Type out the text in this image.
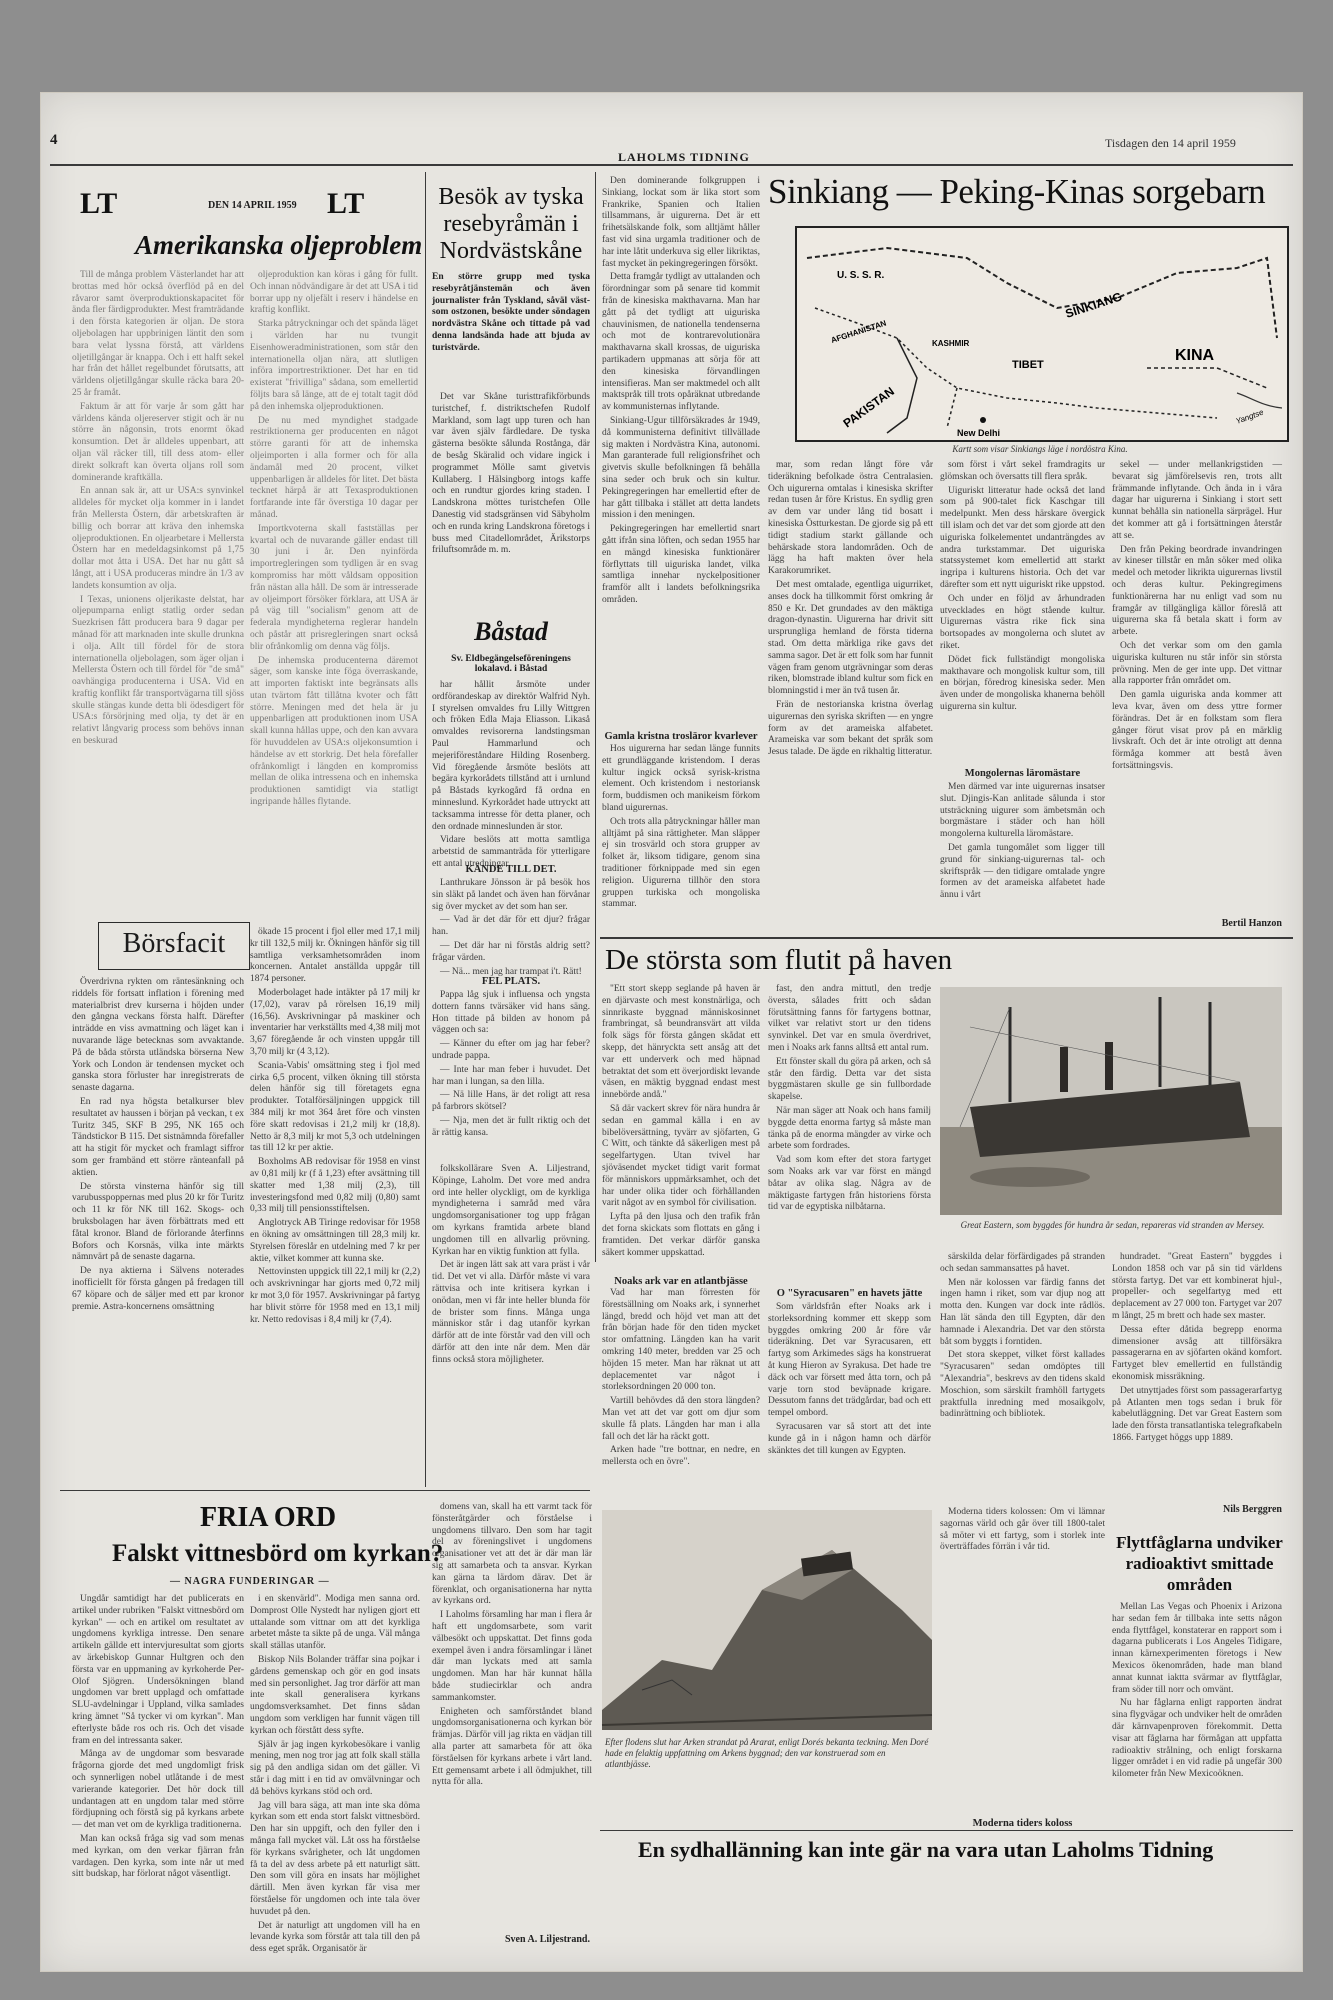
4
LAHOLMS TIDNING
Tisdagen den 14 april 1959
LT	DEN 14 APRIL 1959 LT
Amerikanska oljeproblem

Till de många problem Västerlandet har att brottas med hör också överflöd på en del råvaror samt överproduktionskapacitet för ända fler färdigprodukter. Mest framträdande i den första kategorien är oljan. De stora oljebolagen har uppbrinigen läntit den som bara velat lyssna förstå, att världens oljetillgångar är knappa. Och i ett halft sekel har från det hållet regelbundet förutsatts, att världens oljetillgångar skulle räcka bara 20-25 år framåt.

Faktum är att för varje år som gått har världens kända oljereserver stigit och är nu större än någonsin, trots enormt ökad konsumtion. Det är alldeles uppenbart, att oljan väl räcker till, till dess atom- eller direkt solkraft kan överta oljans roll som dominerande kraftkälla.

En annan sak är, att ur USA:s synvinkel alldeles för mycket olja kommer in i landet från Mellersta Östern, där arbetskraften är billig och borrar att kräva den inhemska oljeproduktionen. En oljearbetare i Mellersta Östern har en medeldagsinkomst på 1,75 dollar mot åtta i USA. Det har nu gått så långt, att i USA produceras mindre än 1/3 av landets konsumtion av olja.

I Texas, unionens oljerikaste delstat, har oljepumparna enligt statlig order sedan Suezkrisen fått producera bara 9 dagar per månad för att marknaden inte skulle drunkna i olja. Allt till fördel för de stora internationella oljebolagen, som äger oljan i Mellersta Östern och till fördel för "de små" oavhängiga producenterna i USA. Vid en kraftig konflikt får transportvägarna till sjöss skulle stängas kunde detta bli ödesdigert för USA:s försörjning med olja, ty det är en relativt långvarig process som behövs innan en beskurad

oljeproduktion kan köras i gång för fullt. Och innan nödvändigare är det att USA i tid borrar upp ny oljefält i reserv i händelse en kraftig konflikt.

Starka påtryckningar och det spända läget i världen har nu tvungit Eisenhoweradministrationen, som står den internationella oljan nära, att slutligen införa importrestriktioner. Det har en tid existerat "frivilliga" sådana, som emellertid följts bara så länge, att de ej totalt tagit död på den inhemska oljeproduktionen.

De nu med myndighet stadgade restriktionerna ger producenten en något större garanti för att de inhemska oljeimporten i alla former och för alla ändamål med 20 procent, vilket uppenbarligen är alldeles för litet. Det bästa tecknet härpå är att Texasproduktionen fortfarande inte får överstiga 10 dagar per månad.

Importkvoterna skall fastställas per kvartal och de nuvarande gäller endast till 30 juni i år. Den nyinförda importregleringen som tydligen är en svag kompromiss har mött våldsam opposition från nästan alla håll. De som är intresserade av oljeimport försöker förklara, att USA är på väg till "socialism" genom att de federala myndigheterna reglerar handeln och påstår att prisregleringen snart också blir ofrånkomlig om denna väg följs.

De inhemska producenterna däremot säger, som kanske inte föga överraskande, att importen faktiskt inte begränsats alls utan tvärtom fått tillåtna kvoter och fått större. Meningen med det hela är ju uppenbarligen att produktionen inom USA skall kunna hållas uppe, och den kan avvara för huvuddelen av USA:s oljekonsumtion i händelse av ett storkrig. Det hela förefaller ofrånkomligt i längden en kompromiss mellan de olika intressena och en inhemska produktionen samtidigt via statligt ingripande hålles flytande.

Börsfacit

Överdrivna rykten om räntesänkning och riddels för fortsatt inflation i förening med materialbrist drev kurserna i höjden under den gångna veckans första halft. Därefter inträdde en viss avmattning och läget kan i nuvarande läge betecknas som avvaktande. På de båda största utländska börserna New York och London är tendensen mycket och ganska stora förluster har inregistrerats de senaste dagarna.

En rad nya högsta betalkurser blev resultatet av haussen i början på veckan, t ex Turitz 345, SKF B 295, NK 165 och Tändstickor B 115. Det sistnämnda förefaller att ha stigit för mycket och framlagt siffror som ger frambänd ett större ränteanfall på aktien.

De största vinsterna hänför sig till varubusspoppernas med plus 20 kr för Turitz och 11 kr för NK till 162. Skogs- och bruksbolagen har även förbättrats med ett fåtal kronor. Bland de förlorande återfinns Bofors och Korsnäs, vilka inte märkts nämnvärt på de senaste dagarna.

De nya aktierna i Sälvens noterades inofficiellt för första gången på fredagen till 67 köpare och de säljer med ett par kronor premie. Astra-koncernens omsättning

ökade 15 procent i fjol eller med 17,1 milj kr till 132,5 milj kr. Ökningen hänför sig till samtliga verksamhetsområden inom koncernen. Antalet anställda uppgår till 1874 personer.

Moderbolaget hade intäkter på 17 milj kr (17,02), varav på rörelsen 16,19 milj (16,56). Avskrivningar på maskiner och inventarier har verkställts med 4,38 milj mot 3,67 föregående år och vinsten uppgår till 3,70 milj kr (4 3,12).

Scania-Vabis' omsättning steg i fjol med cirka 6,5 procent, vilken ökning till största delen hänför sig till företagets egna produkter. Totalförsäljningen uppgick till 384 milj kr mot 364 året före och vinsten före skatt redovisas i 21,2 milj kr (18,8). Netto är 8,3 milj kr mot 5,3 och utdelningen tas till 12 kr per aktie.

Boxholms AB redovisar för 1958 en vinst av 0,81 milj kr (f å 1,23) efter avsättning till skatter med 1,38 milj (2,3), till investeringsfond med 0,82 milj (0,80) samt 0,33 milj till pensionsstiftelsen.

Anglotryck AB Tiringe redovisar för 1958 en ökning av omsättningen till 28,3 milj kr. Styrelsen föreslår en utdelning med 7 kr per aktie, vilket kommer att kunna ske.

Nettovinsten uppgick till 22,1 milj kr (2,2) och avskrivningar har gjorts med 0,72 milj kr mot 3,0 för 1957. Avskrivningar på fartyg har blivit större för 1958 med en 13,1 milj kr. Netto redovisas i 8,4 milj kr (7,4).

FRIA ORD
Falskt vittnesbörd om kyrkan?
— NAGRA FUNDERINGAR —

Ungdår samtidigt har det publicerats en artikel under rubriken "Falskt vittnesbörd om kyrkan" — och en artikel om resultatet av ungdomens kyrkliga intresse. Den senare artikeln gällde ett intervjuresultat som gjorts av ärkebiskop Gunnar Hultgren och den första var en uppmaning av kyrkoherde Per-Olof Sjögren. Undersökningen bland ungdomen var brett upplagd och omfattade SLU-avdelningar i Uppland, vilka samlades kring ämnet "Så tycker vi om kyrkan". Man efterlyste både ros och ris. Och det visade fram en del intressanta saker.

Många av de ungdomar som besvarade frågorna gjorde det med ungdomligt frisk och synnerligen nobel utlåtande i de mest varierande kategorier. Det hör dock till undantagen att en ungdom talar med större fördjupning och förstå sig på kyrkans arbete — det man vet om de kyrkliga traditionerna.

Man kan också fråga sig vad som menas med kyrkan, om den verkar fjärran från vardagen. Den kyrka, som inte når ut med sitt budskap, har förlorat något väsentligt.

i en skenvärld". Modiga men sanna ord. Domprost Olle Nystedt har nyligen gjort ett uttalande som vittnar om att det kyrkliga arbetet måste ta sikte på de unga. Väl många skall ställas utanför.

Biskop Nils Bolander träffar sina pojkar i gårdens gemenskap och gör en god insats med sin personlighet. Jag tror därför att man inte skall generalisera kyrkans ungdomsverksamhet. Det finns sådan ungdom som verkligen har funnit vägen till kyrkan och förstått dess syfte.

Själv är jag ingen kyrkobesökare i vanlig mening, men nog tror jag att folk skall ställa sig på den andliga sidan om det gäller. Vi står i dag mitt i en tid av omvälvningar och då behövs kyrkans stöd och ord.

Jag vill bara säga, att man inte ska döma kyrkan som ett enda stort falskt vittnesbörd. Den har sin uppgift, och den fyller den i många fall mycket väl. Låt oss ha förståelse för kyrkans svårigheter, och låt ungdomen få ta del av dess arbete på ett naturligt sätt. Den som vill göra en insats har möjlighet därtill. Men även kyrkan får visa mer förståelse för ungdomen och inte tala över huvudet på den.

Det är naturligt att ungdomen vill ha en levande kyrka som förstår att tala till den på dess eget språk. Organisatör är

Besök av tyska
resebyråmän i
Nordvästskåne
En större grupp med tyska resebyråtjänstemän och även journalister från Tyskland, såväl väst- som ostzonen, besökte under söndagen nordvästra Skåne och tittade på vad denna landsända hade att bjuda av turistvärde.

Det var Skåne turisttrafikförbunds turistchef, f. distriktschefen Rudolf Markland, som lagt upp turen och han var även själv färdledare. De tyska gästerna besökte sålunda Rostånga, där de besåg Skäralid och vidare ingick i programmet Mölle samt givetvis Kullaberg. I Hälsingborg intogs kaffe och en rundtur gjordes kring staden. I Landskrona möttes turistchefen Olle Danestig vid stadsgränsen vid Säbyholm och en runda kring Landskrona företogs i buss med Citadellområdet, Ärikstorps friluftsområde m. m.

Båstad
Sv. Eldbegängelseföreningens lokalavd. i Båstad

har hållit årsmöte under ordförandeskap av direktör Walfrid Nyh. I styrelsen omvaldes fru Lilly Wittgren och fröken Edla Maja Eliasson. Likaså omvaldes revisorerna landstingsman Paul Hammarlund och mejeriföreståndare Hilding Rosenberg. Vid föregående årsmöte beslöts att begära kyrkorådets tillstånd att i urnlund på Båstads kyrkogård få ordna en minneslund. Kyrkorådet hade uttryckt att tacksamma intresse för detta planer, och den ordnade minneslunden är stor.

Vidare beslöts att motta samtliga arbetstid de sammanträda för ytterligare ett antal utredningar.

KÄNDE TILL DET.

Lanthrukare Jönsson är på besök hos sin släkt på landet och även han förvånar sig över mycket av det som han ser.

— Vad är det där för ett djur? frågar han.

— Det där har ni förstås aldrig sett? frågar värden.

— Nä... men jag har trampat i't. Rätt!

FEL PLATS.

Pappa låg sjuk i influensa och yngsta dottern fanns tvärsäker vid hans säng. Hon tittade på bilden av honom på väggen och sa:

— Känner du efter om jag har feber? undrade pappa.

— Inte har man feber i huvudet. Det har man i lungan, sa den lilla.

— Nä lille Hans, är det roligt att resa på farbrors skötsel?

— Nja, men det är fullt riktig och det är rättig kansa.

folkskollärare Sven A. Liljestrand, Köpinge, Laholm. Det vore med andra ord inte heller olyckligt, om de kyrkliga myndigheterna i samråd med våra ungdomsorganisationer tog upp frågan om kyrkans framtida arbete bland ungdomen till en allvarlig prövning. Kyrkan har en viktig funktion att fylla.

Det är ingen lätt sak att vara präst i vår tid. Det vet vi alla. Därför måste vi vara rättvisa och inte kritisera kyrkan i onödan, men vi får inte heller blunda för de brister som finns. Många unga människor står i dag utanför kyrkan därför att de inte förstår vad den vill och därför att den inte når dem. Men där finns också stora möjligheter.

domens van, skall ha ett varmt tack för fönsteråtgärder och förståelse i ungdomens tillvaro. Den som har tagit del av föreningslivet i ungdomens organisationer vet att det är där man lär sig att samarbeta och ta ansvar. Kyrkan kan gärna ta lärdom därav. Det är förenklat, och organisationerna har nytta av kyrkans ord.

I Laholms församling har man i flera år haft ett ungdomsarbete, som varit välbesökt och uppskattat. Det finns goda exempel även i andra församlingar i länet där man lyckats med att samla ungdomen. Man har här kunnat hålla både studiecirklar och andra sammankomster.

Enigheten och samförståndet bland ungdomsorganisationerna och kyrkan bör främjas. Därför vill jag rikta en vädjan till alla parter att samarbeta för att öka förståelsen för kyrkans arbete i vårt land. Ett gemensamt arbete i all ödmjukhet, till nytta för alla.

Sven A. Liljestrand.

Den dominerande folkgruppen i Sinkiang, lockat som är lika stort som Frankrike, Spanien och Italien tillsammans, är uigurerna. Det är ett frihetsälskande folk, som alltjämt håller fast vid sina urgamla traditioner och de har inte låtit underkuva sig eller likriktas, fast mycket än pekingregeringen försökt.

Detta framgår tydligt av uttalanden och förordningar som på senare tid kommit från de kinesiska makthavarna. Man har gått på det tydligt att uiguriska chauvinismen, de nationella tendenserna och mot de kontrarevolutionära makthavarna skall krossas, de uiguriska partikadern uppmanas att sörja för att den kinesiska förvandlingen intensifieras. Man ser maktmedel och allt maktspråk till trots opåräknat utbredande av kommunisternas inflytande.

Sinkiang-Ugur tillförsäkrades år 1949, då kommunisterna definitivt tillvällade sig makten i Nordvästra Kina, autonomi. Man garanterade full religionsfrihet och givetvis skulle befolkningen få behålla sina seder och bruk och sin kultur. Pekingregeringen har emellertid efter de har gått tillbaka i stället att detta landets mission i den meningen.

Pekingregeringen har emellertid snart gått ifrån sina löften, och sedan 1955 har en mängd kinesiska funktionärer förflyttats till uiguriska landet, vilka samtliga innehar nyckelpositioner framför allt i landets befolkningsrika områden.

Gamla kristna trosläror kvarlever

Hos uigurerna har sedan länge funnits ett grundläggande kristendom. I deras kultur ingick också syrisk-kristna element. Och kristendom i nestoriansk form, buddismen och manikeism förkom bland uigurernas.

Och trots alla påtryckningar håller man alltjämt på sina rättigheter. Man släpper ej sin trosvärld och stora grupper av folket är, liksom tidigare, genom sina traditioner förknippade med sin egen religion. Uigurerna tillhör den stora gruppen turkiska och mongoliska stammar.

Sinkiang — Peking-Kinas sorgebarn
U. S. S. R.
SINKIANG
AFGHANISTAN	KASHMIR
TIBET
KINA
PAKISTAN
New Delhi
Yangtse
Kartt som visar Sinkiangs läge i nordöstra Kina.

mar, som redan långt före vår tideräkning befolkade östra Centralasien. Och uigurerna omtalas i kinesiska skrifter redan tusen år före Kristus. En sydlig gren av dem var under lång tid bosatt i kinesiska Östturkestan. De gjorde sig på ett tidigt stadium starkt gällande och behärskade stora landområden. Och de lägg ha haft makten över hela Karakorumriket.

Det mest omtalade, egentliga uigurriket, anses dock ha tillkommit först omkring år 850 e Kr. Det grundades av den mäktiga dragon-dynastin. Uigurerna har drivit sitt ursprungliga hemland de första tiderna stad. Om detta märkliga rike gavs det samma sagor. Det är ett folk som har funnit vägen fram genom utgrävningar som deras riken, blomstrade ibland kultur som fick en blomningstid i mer än två tusen år.

Frän de nestorianska kristna överlag uigurernas den syriska skriften — en yngre form av det arameiska alfabetet. Arameiska var som bekant det språk som Jesus talade. De ägde en rikhaltig litteratur.

som först i vårt sekel framdragits ur glömskan och översatts till flera språk.

Uiguriskt litteratur hade också det land som på 900-talet fick Kaschgar till medelpunkt. Men dess härskare övergick till islam och det var det som gjorde att den uiguriska folkelementet undanträngdes av andra turkstammar. Det uiguriska statssystemet kom emellertid att starkt ingripa i kulturens historia. Och det var därefter som ett nytt uiguriskt rike uppstod.

Och under en följd av århundraden utvecklades en högt stående kultur. Uigurernas västra rike fick sina bortsopades av mongolerna och slutet av riket.

Dödet fick fullständigt mongoliska makthavare och mongolisk kultur som, till en början, föredrog kinesiska seder. Men även under de mongoliska khanerna behöll uigurerna sin kultur.

Mongolernas läromästare

Men därmed var inte uigurernas insatser slut. Djingis-Kan anlitade sålunda i stor utsträckning uigurer som ämbetsmän och borgmästare i städer och han höll mongolerna kulturella läromästare.

Det gamla tungomålet som ligger till grund för sinkiang-uigurernas tal- och skriftspråk — den tidigare omtalade yngre formen av det arameiska alfabetet hade ännu i vårt

sekel — under mellankrigstiden — bevarat sig jämförelsevis ren, trots allt främmande inflytande. Och ända in i våra dagar har uigurerna i Sinkiang i stort sett kunnat behålla sin nationella särprägel. Hur det kommer att gå i fortsättningen återstår att se.

Den från Peking beordrade invandringen av kineser tillstår en mån söker med olika medel och metoder likrikta uigurernas livstil och deras kultur. Pekingregimens funktionärerna har nu enligt vad som nu framgår av tillgängliga källor föreslå att uigurerna ska få betala skatt i form av arbete.

Och det verkar som om den gamla uiguriska kulturen nu står inför sin största prövning. Men de ger inte upp. Det vittnar alla rapporter från området om.

Den gamla uiguriska anda kommer att leva kvar, även om dess yttre former förändras. Det är en folkstam som flera gånger förut visat prov på en märklig livskraft. Och det är inte otroligt att denna förmåga kommer att bestå även fortsättningsvis.

Bertil Hanzon
De största som flutit på haven

"Ett stort skepp seglande på haven är en djärvaste och mest konstnärliga, och sinnrikaste byggnad människosinnet frambringat, så beundransvärt att vilda folk sägs för första gången skådat ett skepp, det hänryckta sett ansåg att det var ett underverk och med häpnad betraktat det som ett överjordiskt levande väsen, en mäktig byggnad endast mest innebörde andå."

Så där vackert skrev för nära hundra år sedan en gammal källa i en av bibelöversättning, tyvärr av sjöfarten, G C Witt, och tänkte då säkerligen mest på segelfartygen. Utan tvivel har sjöväsendet mycket tidigt varit format för människors uppmärksamhet, och det har under olika tider och förhållanden varit något av en symbol för civilisation.

Lyfta på den ljusa och den trafik från det forna skickats som flottats en gång i framtiden. Det verkar därför ganska säkert kommer uppskattad.

Noaks ark var en atlantbjässe

Vad har man förresten för förestsällning om Noaks ark, i synnerhet längd, bredd och höjd vet man att det från början hade för den tiden mycket stor omfattning. Längden kan ha varit omkring 140 meter, bredden var 25 och höjden 15 meter. Man har räknat ut att deplacementet var något i storleksordningen 20 000 ton.

Vartill behövdes då den stora längden? Man vet att det var gott om djur som skulle få plats. Längden har man i alla fall och det lär ha räckt gott.

Arken hade "tre bottnar, en nedre, en mellersta och en övre".

fast, den andra mittutl, den tredje översta, sålades fritt och sådan förutsättning fanns för fartygens bottnar, vilket var relativt stort ur den tidens synvinkel. Det var en smula överdrivet, men i Noaks ark fanns alltså ett antal rum.

Ett fönster skall du göra på arken, och så står den färdig. Detta var det sista byggmästaren skulle ge sin fullbordade skapelse.

När man säger att Noak och hans familj byggde detta enorma fartyg så måste man tänka på de enorma mängder av virke och arbete som fordrades.

Vad som kom efter det stora fartyget som Noaks ark var var först en mängd båtar av olika slag. Några av de mäktigaste fartygen från historiens första tid var de egyptiska nilbåtarna.

O "Syracusaren" en havets jätte

Som världsfrån efter Noaks ark i storleksordning kommer ett skepp som byggdes omkring 200 år före vår tideräkning. Det var Syracusaren, ett fartyg som Arkimedes sägs ha konstruerat åt kung Hieron av Syrakusa. Det hade tre däck och var försett med åtta torn, och på varje torn stod beväpnade krigare. Dessutom fanns det trädgårdar, bad och ett tempel ombord.

Syracusaren var så stort att det inte kunde gå in i någon hamn och därför skänktes det till kungen av Egypten.

Great Eastern, som byggdes för hundra år sedan, repareras vid stranden av Mersey.

särskilda delar förfärdigades på stranden och sedan sammansattes på havet.

Men när kolossen var färdig fanns det ingen hamn i riket, som var djup nog att motta den. Kungen var dock inte rådlös. Han lät sända den till Egypten, där den hamnade i Alexandria. Det var den största båt som byggts i forntiden.

Det stora skeppet, vilket först kallades "Syracusaren" sedan omdöptes till "Alexandria", beskrevs av den tidens skald Moschion, som särskilt framhöll fartygets praktfulla inredning med mosaikgolv, badinrättning och bibliotek.

Moderna tiders koloss

Moderna tiders kolossen: Om vi lämnar sagornas värld och går över till 1800-talet så möter vi ett fartyg, som i storlek inte överträffades förrän i vår tid.

hundradet. "Great Eastern" byggdes i London 1858 och var på sin tid världens största fartyg. Det var ett kombinerat hjul-, propeller- och segelfartyg med ett deplacement av 27 000 ton. Fartyget var 207 m långt, 25 m brett och hade sex master.

Dessa efter dåtida begrepp enorma dimensioner avsåg att tillförsäkra passagerarna en av sjöfarten okänd komfort. Fartyget blev emellertid en fullständig ekonomisk missräkning.

Det utnyttjades först som passagerarfartyg på Atlanten men togs sedan i bruk för kabelutläggning. Det var Great Eastern som lade den första transatlantiska telegrafkabeln 1866. Fartyget höggs upp 1889.

Nils Berggren
Efter flodens slut har Arken strandat på Ararat, enligt Dorés bekanta teckning. Men Doré hade en felaktig uppfattning om Arkens byggnad; den var konstruerad som en atlantbjässe.
Flyttfåglarna undviker
radioaktivt smittade
områden

Mellan Las Vegas och Phoenix i Arizona har sedan fem år tillbaka inte setts någon enda flyttfågel, konstaterar en rapport som i dagarna publicerats i Los Angeles Tidigare, innan kärnexperimenten företogs i New Mexicos ökenområden, hade man bland annat kunnat iaktta svärmar av flyttfåglar, fram söder till norr och omvänt.

Nu har fåglarna enligt rapporten ändrat sina flygvägar och undviker helt de områden där kärnvapenproven förekommit. Detta visar att fåglarna har förmågan att uppfatta radioaktiv strålning, och enligt forskarna ligger området i en vid radie på ungefär 300 kilometer från New Mexicoöknen.

En sydhallänning kan inte gär na vara utan Laholms Tidning
